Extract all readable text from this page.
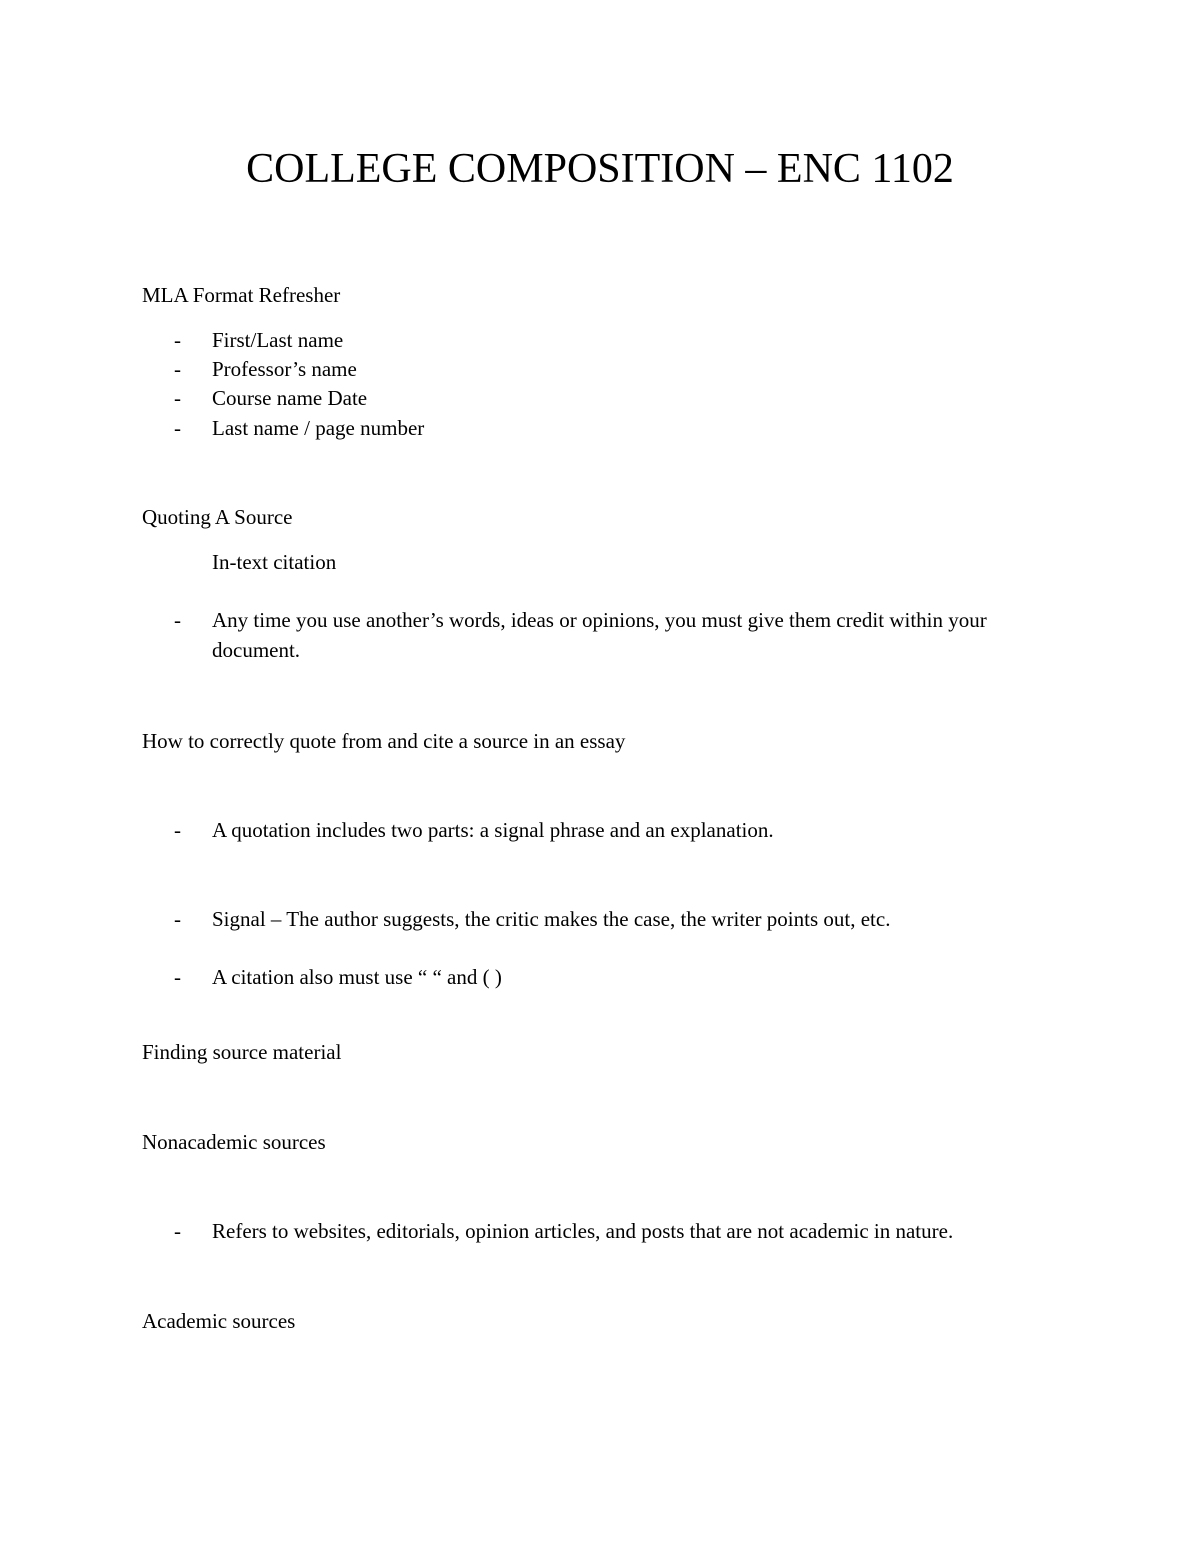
COLLEGE COMPOSITION – ENC 1102
MLA Format Refresher
- First/Last name
- Professor’s name
- Course name Date
- Last name / page number
Quoting A Source
In-text citation
- Any time you use another’s words, ideas or opinions, you must give them credit within your document.
How to correctly quote from and cite a source in an essay
- A quotation includes two parts: a signal phrase and an explanation.
- Signal – The author suggests, the critic makes the case, the writer points out, etc.
- A citation also must use “ “ and ( )
Finding source material
Nonacademic sources
- Refers to websites, editorials, opinion articles, and posts that are not academic in nature.
Academic sources
